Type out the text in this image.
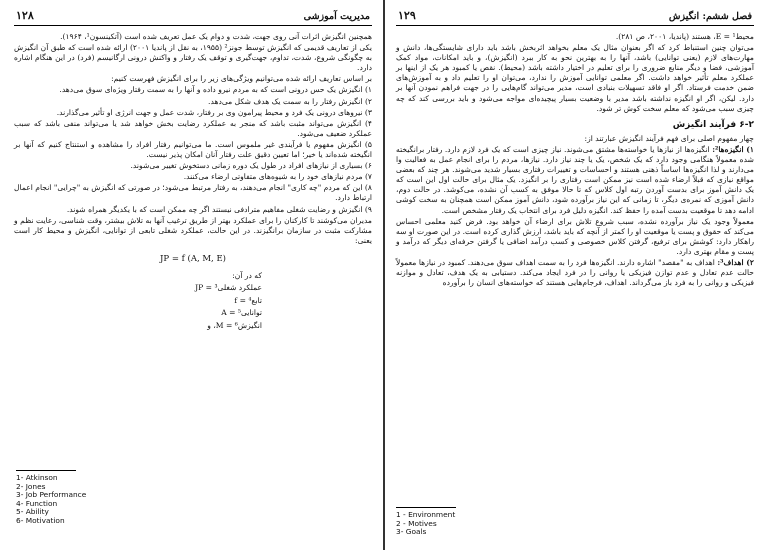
مدیریت آموزشی
۱۲۸

همچنین انگیزش اثرات آنی روی جهت، شدت و دوام یک عمل تعریف شده است (آتکینسون¹، ۱۹۶۴).

یکی از تعاریف قدیمی که انگیزش توسط جونز² (۱۹۵۵، به نقل از پاندیا ۲۰۰۱) ارائه شده است که طبق آن انگیزش به چگونگی شروع، شدت، تداوم، جهت‌گیری و توقف یک رفتار و واکنش درونی ارگانیسم (فرد) در این هنگام اشاره دارد.

بر اساس تعاریف ارائه شده می‌توانیم ویژگی‌های زیر را برای انگیزش فهرست کنیم:

۱) انگیزش یک حس درونی است که به مردم نیرو داده و آنها را به سمت رفتار ویژه‌ای سوق می‌دهد.

۲) انگیزش رفتار را به سمت یک هدف شکل می‌دهد.

۳) نیروهای درونی یک فرد و محیط پیرامون وی بر رفتار، شدت عمل و جهت انرژی او تأثیر می‌گذارند.

۴) انگیزش می‌تواند مثبت باشد که منجر به عملکرد رضایت بخش خواهد شد یا می‌تواند منفی باشد که سبب عملکرد ضعیف می‌شود.

۵) انگیزش مفهوم یا فرآیندی غیر ملموس است. ما می‌توانیم رفتار افراد را مشاهده و استنتاج کنیم که آنها بر انگیخته شده‌اند یا خیر؛ اما تعیین دقیق علت رفتار آنان امکان پذیر نیست.

۶) بسیاری از نیازهای افراد در طول یک دوره زمانی دستخوش تغییر می‌شوند.

۷) مردم نیازهای خود را به شیوه‌های متفاوتی ارضاء می‌کنند.

۸) این که مردم "چه کاری" انجام می‌دهند، به رفتار مرتبط می‌شود؛ در صورتی که انگیزش به "چرایی" انجام اعمال ارتباط دارد.

۹) انگیزش و رضایت شغلی مفاهیم مترادفی نیستند اگر چه ممکن است که با یکدیگر همراه شوند.

مدیران می‌کوشند تا کارکنان را برای عملکرد بهتر از طریق ترغیب آنها به تلاش بیشتر، وقت شناسی، رعایت نظم و مشارکت مثبت در سازمان برانگیزند. در این حالت، عملکرد شغلی تابعی از توانایی، انگیزش و محیط کار است یعنی:

JP = f (A, M, E)
که در آن:
عملکرد شغلی³ = JP
تابع⁴ = f
توانایی⁵ = A
انگیزش⁶ = M، و
1- Atkinson
2- Jones
3- Job Performance
4- Function
5- Ability
6- Motivation
فصل ششم: انگیزش
۱۲۹

محیط¹ = E، هستند (پاندیا، ۲۰۰۱، ص ۲۸۱).

می‌توان چنین استنباط کرد که اگر بعنوان مثال یک معلم بخواهد اثربخش باشد باید دارای شایستگی‌ها، دانش و مهارت‌های لازم (یعنی توانایی) باشد، آنها را به بهترین نحو به کار ببرد (انگیزش)، و باید امکانات، مواد کمک آموزشی، فضا و دیگر منابع ضروری را برای تعلیم در اختیار داشته باشد (محیط). نقص یا کمبود هر یک از اینها بر عملکرد معلم تأثیر خواهد داشت. اگر معلمی توانایی آموزش را ندارد، می‌توان او را تعلیم داد و به آموزش‌های ضمن خدمت فرستاد. اگر او فاقد تسهیلات بنیادی است، مدیر می‌تواند گام‌هایی را در جهت فراهم نمودن آنها بر دارد. لیکن، اگر او انگیزه نداشته باشد مدیر با وضعیت بسیار پیچیده‌ای مواجه می‌شود و باید بررسی کند که چه چیزی سبب می‌شود که معلم سخت کوش تر شود.

۶-۲ فرآیند انگیزش

چهار مفهوم اصلی برای فهم فرآیند انگیزش عبارتند از:

۱) انگیزه‌ها²: انگیزه‌ها از نیازها یا خواسته‌ها مشتق می‌شوند. نیاز چیزی است که یک فرد لازم دارد. رفتار برانگیخته شده معمولاً هنگامی وجود دارد که یک شخص، یک یا چند نیاز دارد. نیازها، مردم را برای انجام عمل به فعالیت وا می‌دارند و لذا انگیزه‌ها اساساً ذهنی هستند و احساسات و تغییرات رفتاری بسیار شدید می‌شوند. هر چند که بعضی مواقع نیازی که قبلاً ارضاء شده است نیز ممکن است رفتاری را بر انگیزد. یک مثال برای حالت اول این است که یک دانش آموز برای بدست آوردن رتبه اول کلاس که تا حالا موفق به کسب آن نشده، می‌کوشد. در حالت دوم، دانش آموزی که نمره‌ی دیگر، تا زمانی که این نیاز برآورده شود، دانش آموز ممکن است همچنان به سخت کوشی ادامه دهد تا موقعیت بدست آمده را حفظ کند. انگیزه دلیل فرد برای انتخاب یک رفتار مشخص است.

معمولاً وجود یک نیاز برآورده نشده، سبب شروع تلاش برای ارضاء آن خواهد بود. فرض کنید معلمی احساس می‌کند که حقوق و پست یا موقعیت او را کمتر از آنچه که باید باشد، ارزش گذاری کرده است. در این صورت او سه راهکار دارد: کوشش برای ترفیع، گرفتن کلاس خصوصی و کسب درآمد اضافی یا گرفتن حرفه‌ای دیگر که درآمد و پست و مقام بهتری دارد.

۲) اهداف³: اهداف به "مقصد" اشاره دارند. انگیزه‌ها فرد را به سمت اهداف سوق می‌دهند. کمبود در نیازها معمولاً حالت عدم تعادل و عدم توازن فیزیکی یا روانی را در فرد ایجاد می‌کند. دستیابی به یک هدف، تعادل و موازنه فیزیکی و روانی را به فرد باز می‌گرداند. اهداف، فرجام‌هایی هستند که خواسته‌های انسان را برآورده

1 - Environment
2 - Motives
3- Goals
